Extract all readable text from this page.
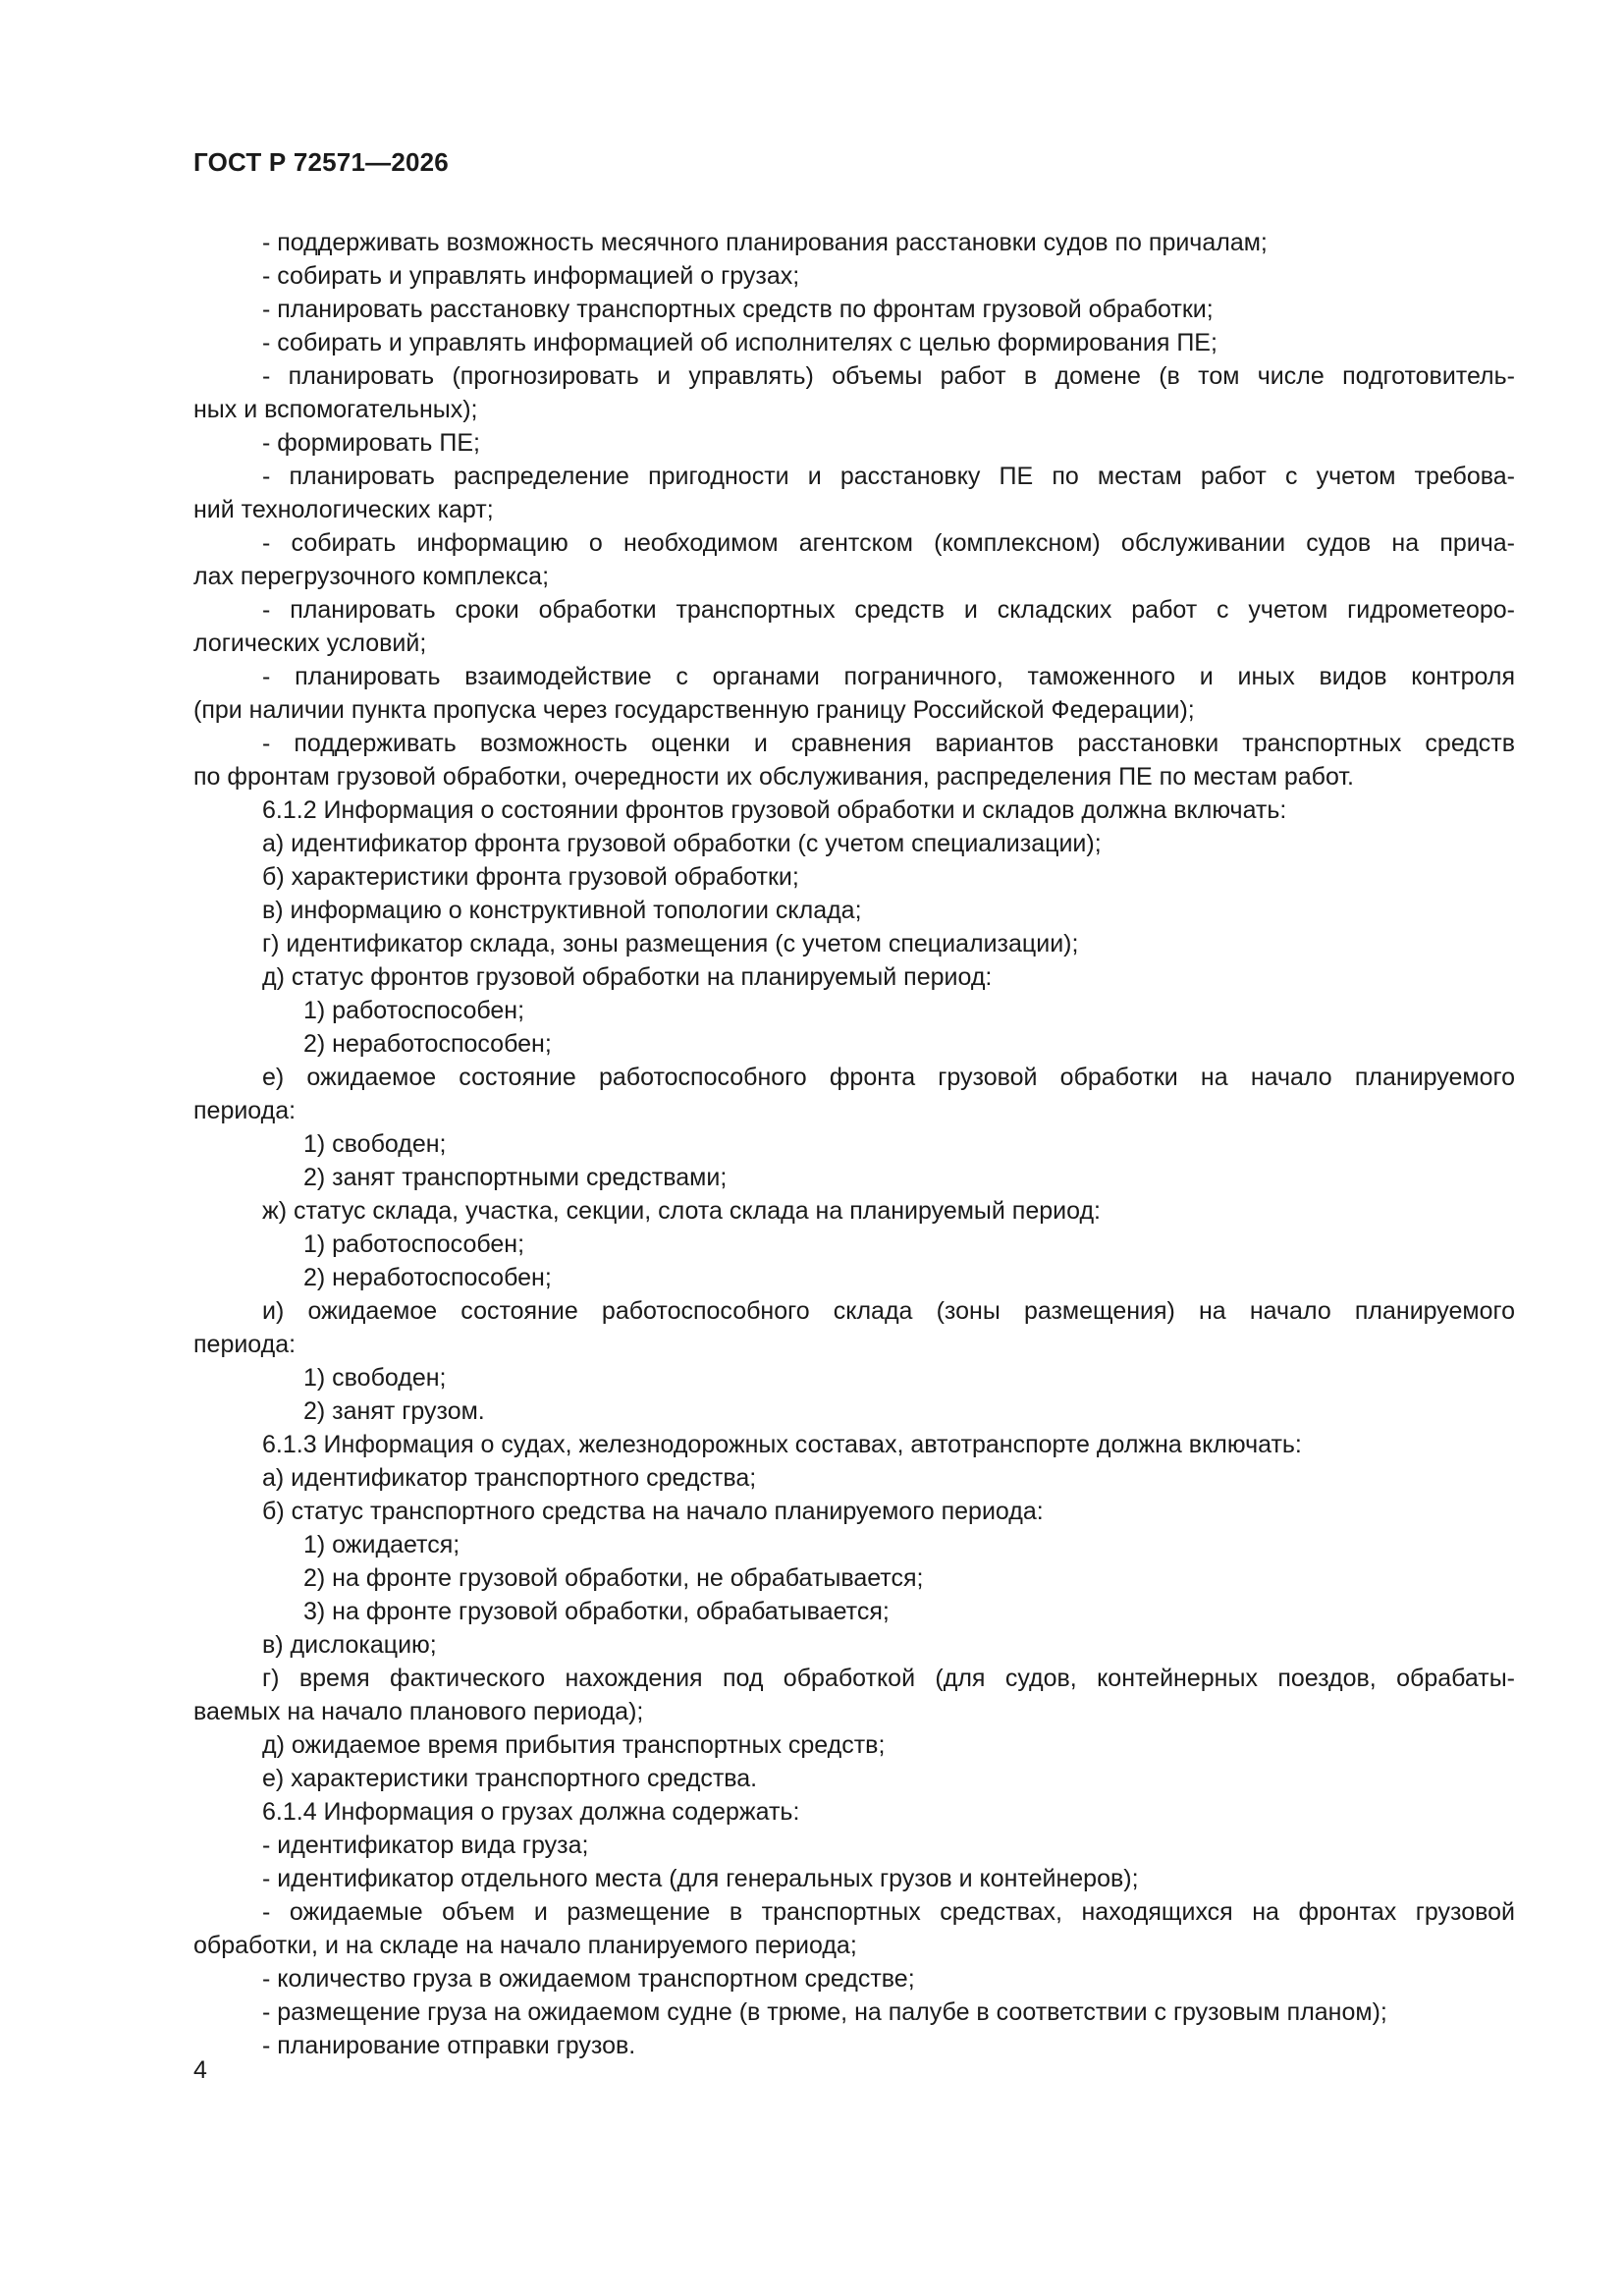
ГОСТ Р 72571—2026
- поддерживать возможность месячного планирования расстановки судов по причалам;
- собирать и управлять информацией о грузах;
- планировать расстановку транспортных средств по фронтам грузовой обработки;
- собирать и управлять информацией об исполнителях с целью формирования ПЕ;
- планировать (прогнозировать и управлять) объемы работ в домене (в том числе подготовитель-
ных и вспомогательных);
- формировать ПЕ;
- планировать распределение пригодности и расстановку ПЕ по местам работ с учетом требова-
ний технологических карт;
- собирать информацию о необходимом агентском (комплексном) обслуживании судов на прича-
лах перегрузочного комплекса;
- планировать сроки обработки транспортных средств и складских работ с учетом гидрометеоро-
логических условий;
- планировать взаимодействие с органами пограничного, таможенного и иных видов контроля
(при наличии пункта пропуска через государственную границу Российской Федерации);
- поддерживать возможность оценки и сравнения вариантов расстановки транспортных средств
по фронтам грузовой обработки, очередности их обслуживания, распределения ПЕ по местам работ.
6.1.2 Информация о состоянии фронтов грузовой обработки и складов должна включать:
а) идентификатор фронта грузовой обработки (с учетом специализации);
б) характеристики фронта грузовой обработки;
в) информацию о конструктивной топологии склада;
г) идентификатор склада, зоны размещения (с учетом специализации);
д) статус фронтов грузовой обработки на планируемый период:
1) работоспособен;
2) неработоспособен;
е) ожидаемое состояние работоспособного фронта грузовой обработки на начало планируемого
периода:
1) свободен;
2) занят транспортными средствами;
ж) статус склада, участка, секции, слота склада на планируемый период:
1) работоспособен;
2) неработоспособен;
и) ожидаемое состояние работоспособного склада (зоны размещения) на начало планируемого
периода:
1) свободен;
2) занят грузом.
6.1.3 Информация о судах, железнодорожных составах, автотранспорте должна включать:
а) идентификатор транспортного средства;
б) статус транспортного средства на начало планируемого периода:
1) ожидается;
2) на фронте грузовой обработки, не обрабатывается;
3) на фронте грузовой обработки, обрабатывается;
в) дислокацию;
г) время фактического нахождения под обработкой (для судов, контейнерных поездов, обрабаты-
ваемых на начало планового периода);
д) ожидаемое время прибытия транспортных средств;
е) характеристики транспортного средства.
6.1.4 Информация о грузах должна содержать:
- идентификатор вида груза;
- идентификатор отдельного места (для генеральных грузов и контейнеров);
- ожидаемые объем и размещение в транспортных средствах, находящихся на фронтах грузовой
обработки, и на складе на начало планируемого периода;
- количество груза в ожидаемом транспортном средстве;
- размещение груза на ожидаемом судне (в трюме, на палубе в соответствии с грузовым планом);
- планирование отправки грузов.
4
